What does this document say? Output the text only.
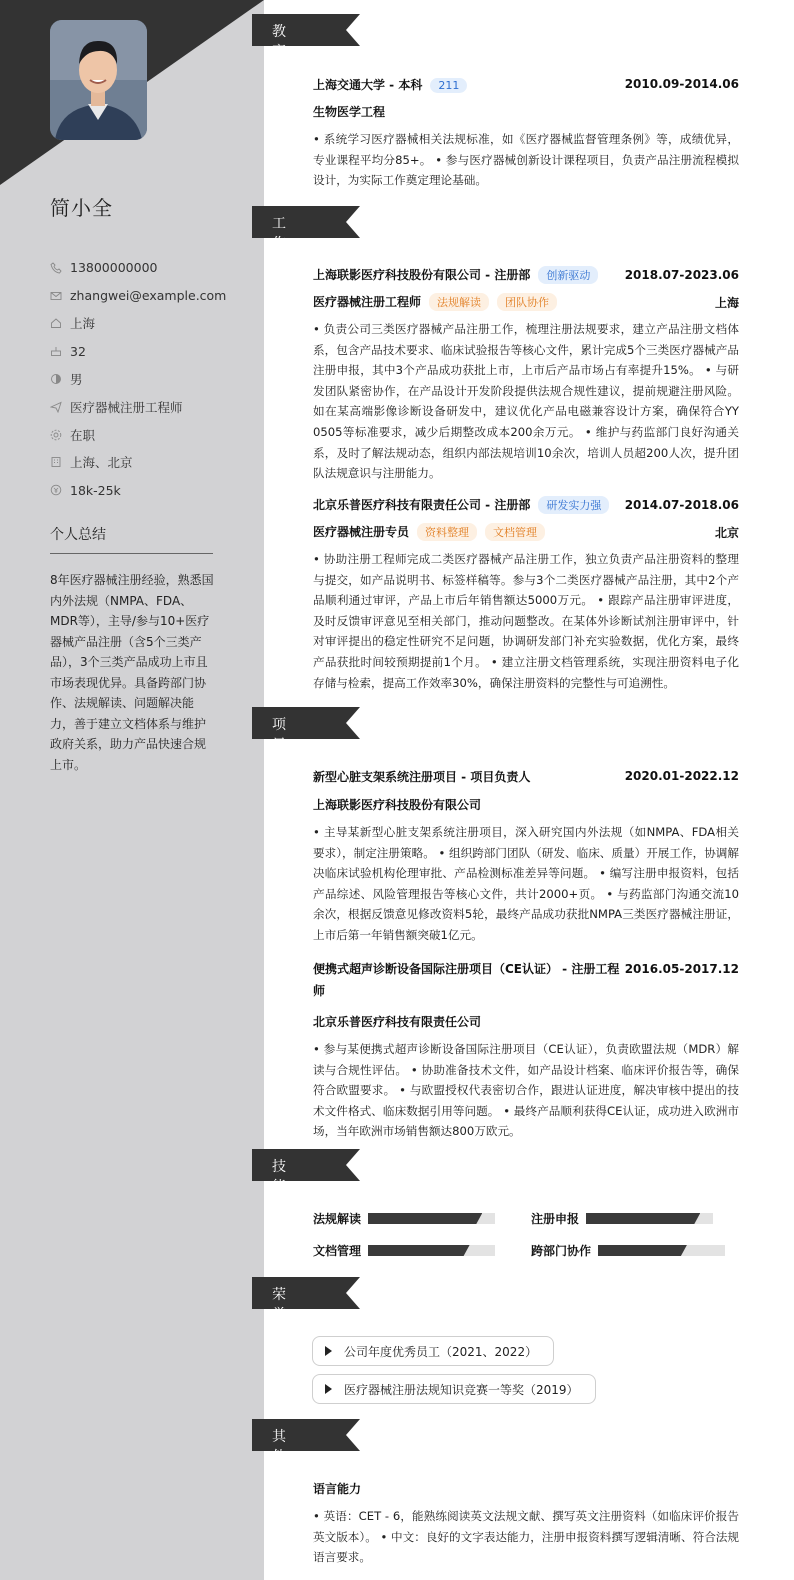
简小全
13800000000
zhangwei@example.com
上海
32
男
医疗器械注册工程师
在职
上海、北京
18k-25k
个人总结
8年医疗器械注册经验，熟悉国内外法规（NMPA、FDA、MDR等），主导/参与10+医疗器械产品注册（含5个三类产品），3个三类产品成功上市且市场表现优异。具备跨部门协作、法规解读、问题解决能力，善于建立文档体系与维护政府关系，助力产品快速合规上市。
教育经历 上海交通大学 - 本科 211	2010.09-2014.06
生物医学工程
• 系统学习医疗器械相关法规标准，如《医疗器械监督管理条例》等，成绩优异，专业课程平均分85+。 • 参与医疗器械创新设计课程项目，负责产品注册流程模拟设计，为实际工作奠定理论基础。
工作经历
上海联影医疗科技股份有限公司 - 注册部 创新驱动	2018.07-2023.06
医疗器械注册工程师 法规解读 团队协作	上海
• 负责公司三类医疗器械产品注册工作，梳理注册法规要求，建立产品注册文档体系，包含产品技术要求、临床试验报告等核心文件，累计完成5个三类医疗器械产品注册申报，其中3个产品成功获批上市，上市后产品市场占有率提升15%。 • 与研发团队紧密协作，在产品设计开发阶段提供法规合规性建议，提前规避注册风险。如在某高端影像诊断设备研发中，建议优化产品电磁兼容设计方案，确保符合YY 0505等标准要求，减少后期整改成本200余万元。 • 维护与药监部门良好沟通关系，及时了解法规动态，组织内部法规培训10余次，培训人员超200人次，提升团队法规意识与注册能力。
北京乐普医疗科技有限责任公司 - 注册部 研发实力强	2014.07-2018.06
医疗器械注册专员 资料整理 文档管理	北京
• 协助注册工程师完成二类医疗器械产品注册工作，独立负责产品注册资料的整理与提交，如产品说明书、标签样稿等。参与3个二类医疗器械产品注册，其中2个产品顺利通过审评，产品上市后年销售额达5000万元。 • 跟踪产品注册审评进度，及时反馈审评意见至相关部门，推动问题整改。在某体外诊断试剂注册审评中，针对审评提出的稳定性研究不足问题，协调研发部门补充实验数据，优化方案，最终产品获批时间较预期提前1个月。 • 建立注册文档管理系统，实现注册资料电子化存储与检索，提高工作效率30%，确保注册资料的完整性与可追溯性。
项目经历
新型心脏支架系统注册项目 - 项目负责人	2020.01-2022.12
上海联影医疗科技股份有限公司
• 主导某新型心脏支架系统注册项目，深入研究国内外法规（如NMPA、FDA相关要求），制定注册策略。 • 组织跨部门团队（研发、临床、质量）开展工作，协调解决临床试验机构伦理审批、产品检测标准差异等问题。 • 编写注册申报资料，包括产品综述、风险管理报告等核心文件，共计2000+页。 • 与药监部门沟通交流10余次，根据反馈意见修改资料5轮，最终产品成功获批NMPA三类医疗器械注册证，上市后第一年销售额突破1亿元。
便携式超声诊断设备国际注册项目（CE认证） - 注册工程师
2016.05-2017.12
北京乐普医疗科技有限责任公司
• 参与某便携式超声诊断设备国际注册项目（CE认证），负责欧盟法规（MDR）解读与合规性评估。 • 协助准备技术文件，如产品设计档案、临床评价报告等，确保符合欧盟要求。 • 与欧盟授权代表密切合作，跟进认证进度，解决审核中提出的技术文件格式、临床数据引用等问题。 • 最终产品顺利获得CE认证，成功进入欧洲市场，当年欧洲市场销售额达800万欧元。
技能专长 法规解读	注册申报
文档管理	跨部门协作
荣誉奖项	公司年度优秀员工（2021、2022）
医疗器械注册法规知识竞赛一等奖（2019）
其他信息 语言能力
• 英语：CET - 6，能熟练阅读英文法规文献、撰写英文注册资料（如临床评价报告英文版本）。 • 中文：良好的文字表达能力，注册申报资料撰写逻辑清晰、符合法规语言要求。
